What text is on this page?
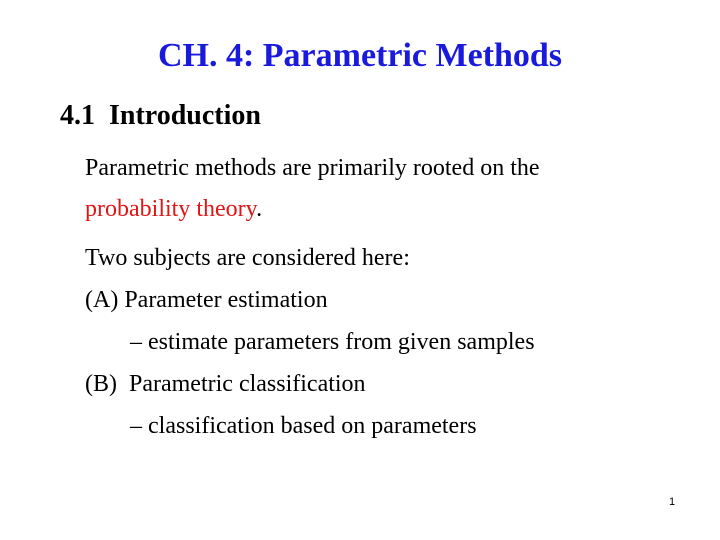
CH. 4: Parametric Methods
4.1  Introduction
Parametric methods are primarily rooted on the
probability theory.
Two subjects are considered here:
(A) Parameter estimation
– estimate parameters from given samples
(B)  Parametric classification
– classification based on parameters
1
